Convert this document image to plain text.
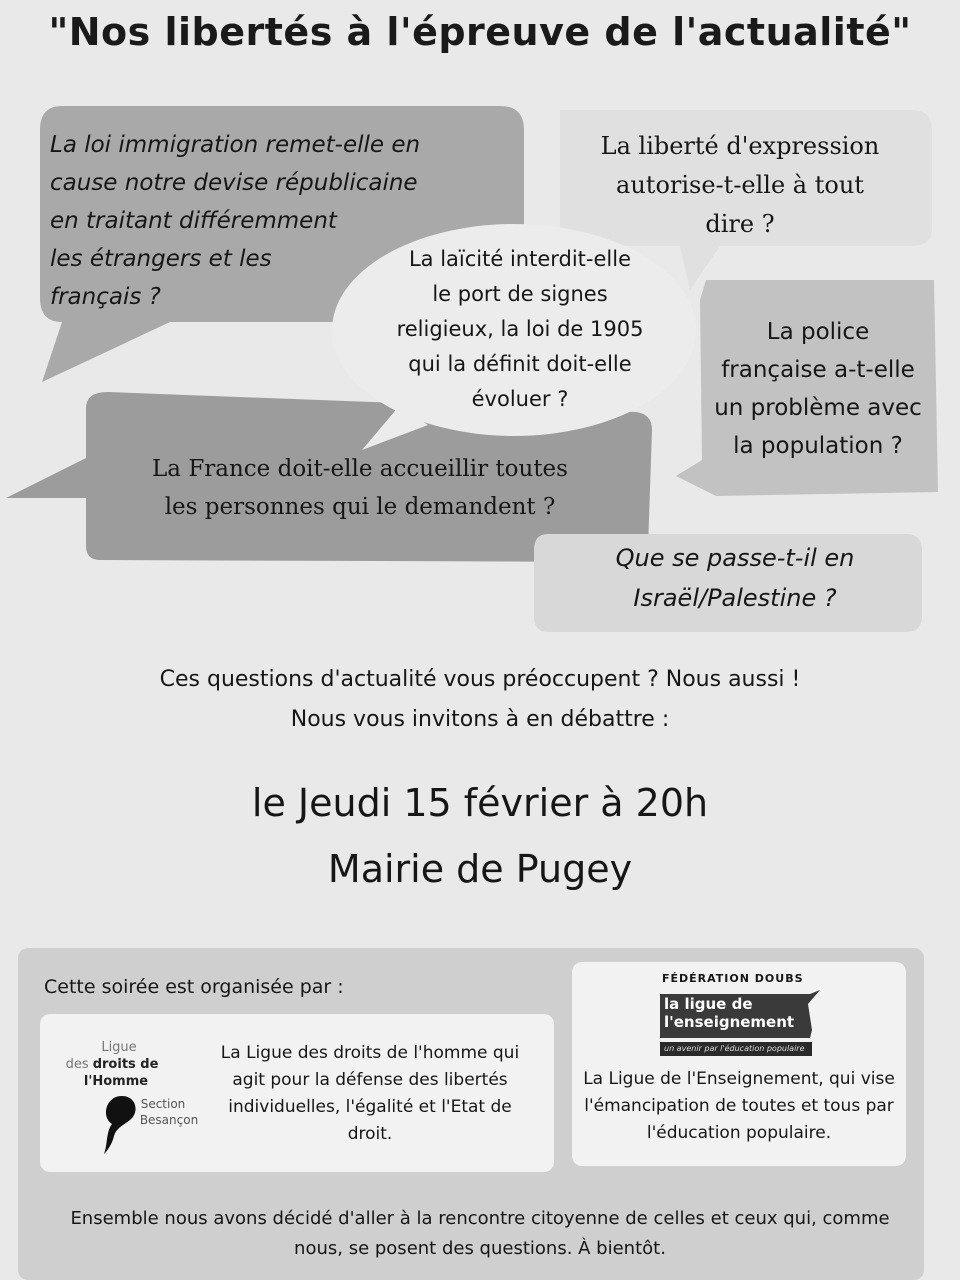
"Nos libertés à l'épreuve de l'actualité"
La loi immigration remet-elle en
cause notre devise républicaine
en traitant différemment
les étrangers et les
français ?
La liberté d'expression
autorise-t-elle à tout
dire ?
La laïcité interdit-elle
le port de signes
religieux, la loi de 1905
qui la définit doit-elle
évoluer ?
La police
française a-t-elle
un problème avec
la population ?
La France doit-elle accueillir toutes
les personnes qui le demandent ?
Que se passe-t-il en
Israël/Palestine ?
Ces questions d'actualité vous préoccupent ? Nous aussi !
Nous vous invitons à en débattre :
le Jeudi 15 février à 20h
Mairie de Pugey
Cette soirée est organisée par :
Ligue
des droits de
l'Homme
Section
Besançon
La Ligue des droits de l'homme qui
agit pour la défense des libertés
individuelles, l'égalité et l'Etat de
droit.
FÉDÉRATION DOUBS
la ligue de
l'enseignement
un avenir par l'éducation populaire
La Ligue de l'Enseignement, qui vise
l'émancipation de toutes et tous par
l'éducation populaire.
Ensemble nous avons décidé d'aller à la rencontre citoyenne de celles et ceux qui, comme
nous, se posent des questions. À bientôt.
